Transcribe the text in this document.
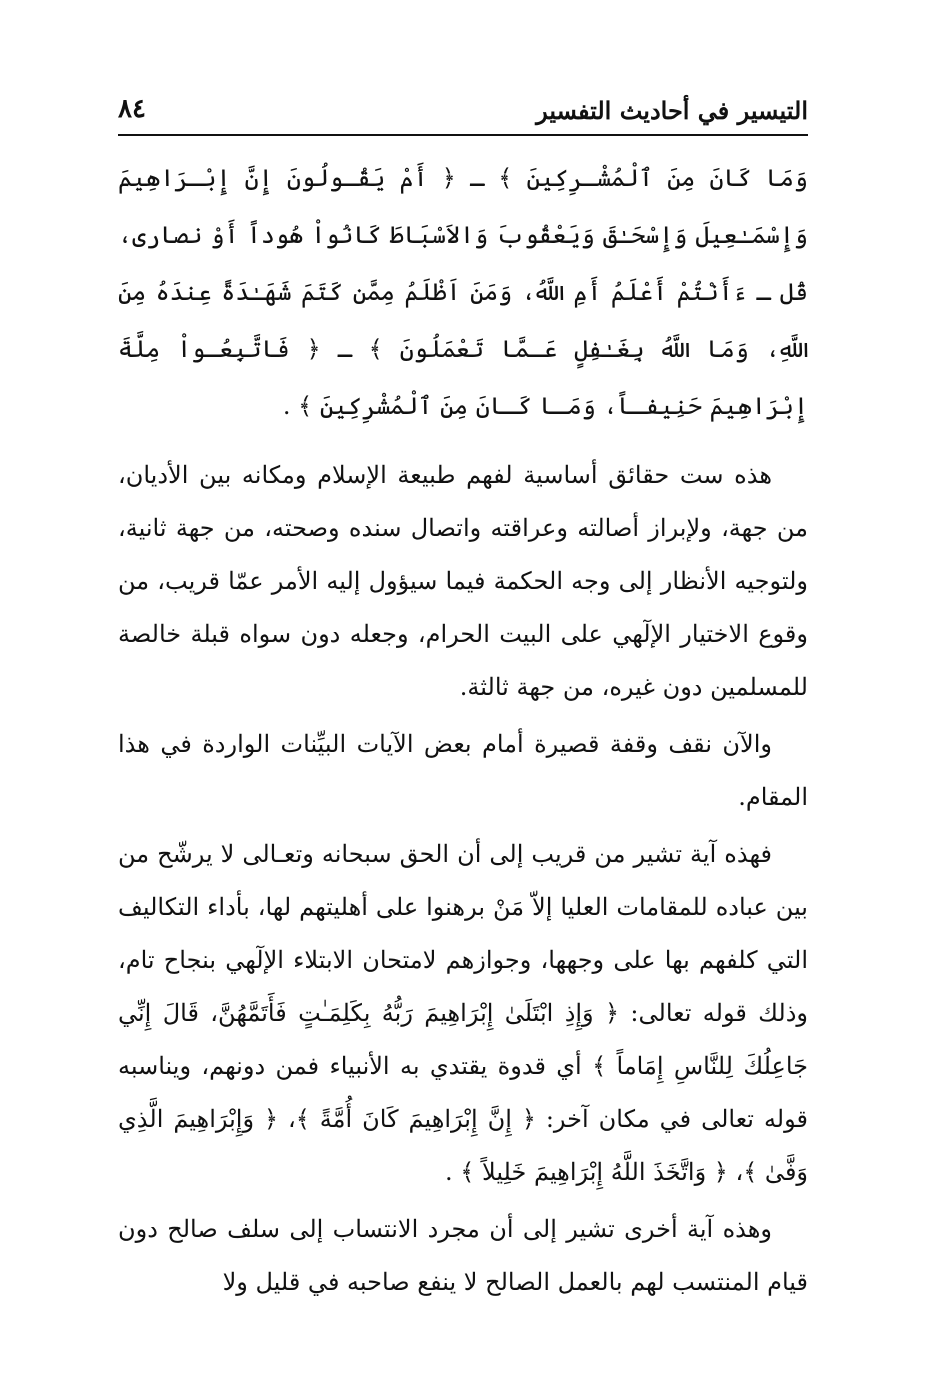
التيسير في أحاديث التفسير
٨٤

وَمَا كَانَ مِنَ ٱلْمُشْـرِكِينَ ﴾ ـ ﴿ أَمْ يَقُـولُونَ إِنَّ إِبْـرَاهِيمَ وَإِسْمَـٰعِيلَ وَإِسْحَـٰقَ وَيَعْقُوبَ وَالاَسْبَاطَ كَانُواْ هُوداً أَوْ نصارى، قُل ـ ءَأَنْتُمْ أَعْلَمُ أَمِ اللَّهُ، وَمَنَ اَظْلَمُ مِمَّن كَتَمَ شَهَـٰدَةً عِندَهُ مِنَ اللَّهِ، وَمَا اللَّهُ بِغَـٰفِلٍ عَـمَّا تَعْمَلُونَ ﴾ ـ ﴿ فَاتَّبِعُـواْ مِلَّةَ إِبْرَاهِيمَ حَنِيفـاً، وَمَـا كَـانَ مِنَ ٱلْمُشْرِكِينَ ﴾ .

هذه ست حقائق أساسية لفهم طبيعة الإسلام ومكانه بين الأديان، من جهة، ولإبراز أصالته وعراقته واتصال سنده وصحته، من جهة ثانية، ولتوجيه الأنظار إلى وجه الحكمة فيما سيؤول إليه الأمر عمّا قريب، من وقوع الاختيار الإلٓهي على البيت الحرام، وجعله دون سواه قبلة خالصة للمسلمين دون غيره، من جهة ثالثة.

والآن نقف وقفة قصيرة أمام بعض الآيات البيِّنات الواردة في هذا المقام.

فهذه آية تشير من قريب إلى أن الحق سبحانه وتعـالى لا يرشّح من بين عباده للمقامات العليا إلاّ مَنْ برهنوا على أهليتهم لها، بأداء التكاليف التي كلفهم بها على وجهها، وجوازهم لامتحان الابتلاء الإلٓهي بنجاح تام، وذلك قوله تعالى: ﴿ وَإِذِ ابْتَلَىٰ إِبْرَاهِيمَ رَبُّهُ بِكَلِمَـٰتٍ فَأَتَمَّهُنَّ، قَالَ إِنِّي جَاعِلُكَ لِلنَّاسِ إِمَاماً ﴾ أي قدوة يقتدي به الأنبياء فمن دونهم، ويناسبه قوله تعالى في مكان آخر: ﴿ إِنَّ إِبْرَاهِيمَ كَانَ أُمَّةً ﴾، ﴿ وَإِبْرَاهِيمَ الَّذِي وَفَّىٰ ﴾، ﴿ وَاتَّخَذَ اللَّهُ إِبْرَاهِيمَ خَلِيلاً ﴾ .

وهذه آية أخرى تشير إلى أن مجرد الانتساب إلى سلف صالح دون قيام المنتسب لهم بالعمل الصالح لا ينفع صاحبه في قليل ولا
